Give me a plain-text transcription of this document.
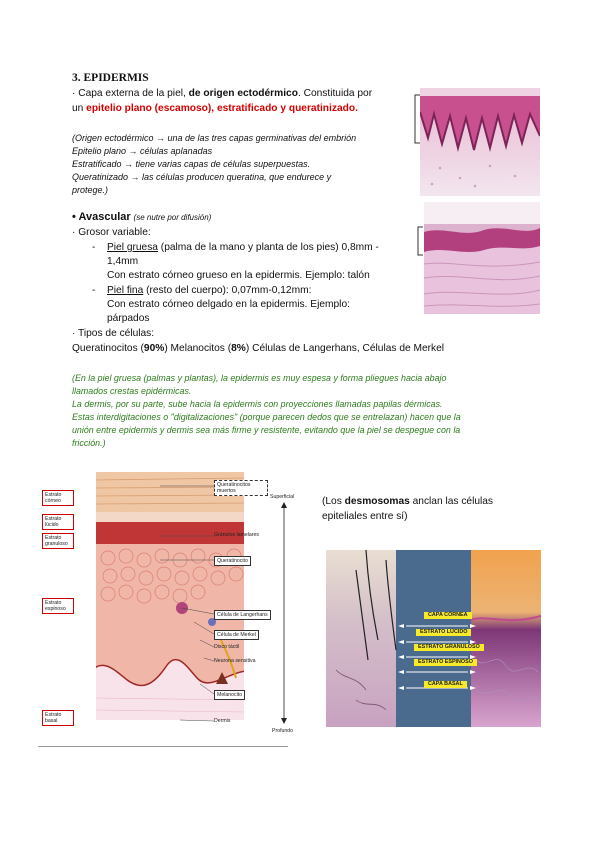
3. EPIDERMIS
· Capa externa de la piel, de origen ectodérmico. Constituida por
un epitelio plano (escamoso), estratificado y queratinizado.
(Origen ectodérmico → una de las tres capas germinativas del embrión
Epitelio plano → células aplanadas
Estratificado → tiene varias capas de células superpuestas.
Queratinizado → las células producen queratina, que endurece y
protege.)
• Avascular (se nutre por difusión)
· Grosor variable:
- Piel gruesa (palma de la mano y planta de los pies) 0,8mm -
1,4mm
Con estrato córneo grueso en la epidermis. Ejemplo: talón
- Piel fina (resto del cuerpo): 0,07mm-0,12mm:
Con estrato córneo delgado en la epidermis. Ejemplo:
párpados
· Tipos de células:
Queratinocitos (90%) Melanocitos (8%) Células de Langerhans, Células de Merkel
(En la piel gruesa (palmas y plantas), la epidermis es muy espesa y forma pliegues hacia abajo
llamados crestas epidérmicas.
La dermis, por su parte, sube hacia la epidermis con proyecciones llamadas papilas dérmicas.
Estas interdigitaciones o "digitalizaciones" (porque parecen dedos que se entrelazan) hacen que la
unión entre epidermis y dermis sea más firme y resistente, evitando que la piel se despegue con la
fricción.)
(Los desmosomas anclan las células
epiteliales entre sí)
Estrato córneo
Estrato lúcido
Estrato granuloso
Estrato espinoso
Estrato basal
Queratinocitos muertos
Gránulos lamelares
Queratinocito
Célula de Langerhans
Célula de Merkel
Disco táctil
Neurona sensitiva
Melanocito
Dermis
Superficial
Profundo
CAPA CÓRNEA
ESTRATO LÚCIDO
ESTRATO GRANULOSO
ESTRATO ESPINOSO
CAPA BASAL
